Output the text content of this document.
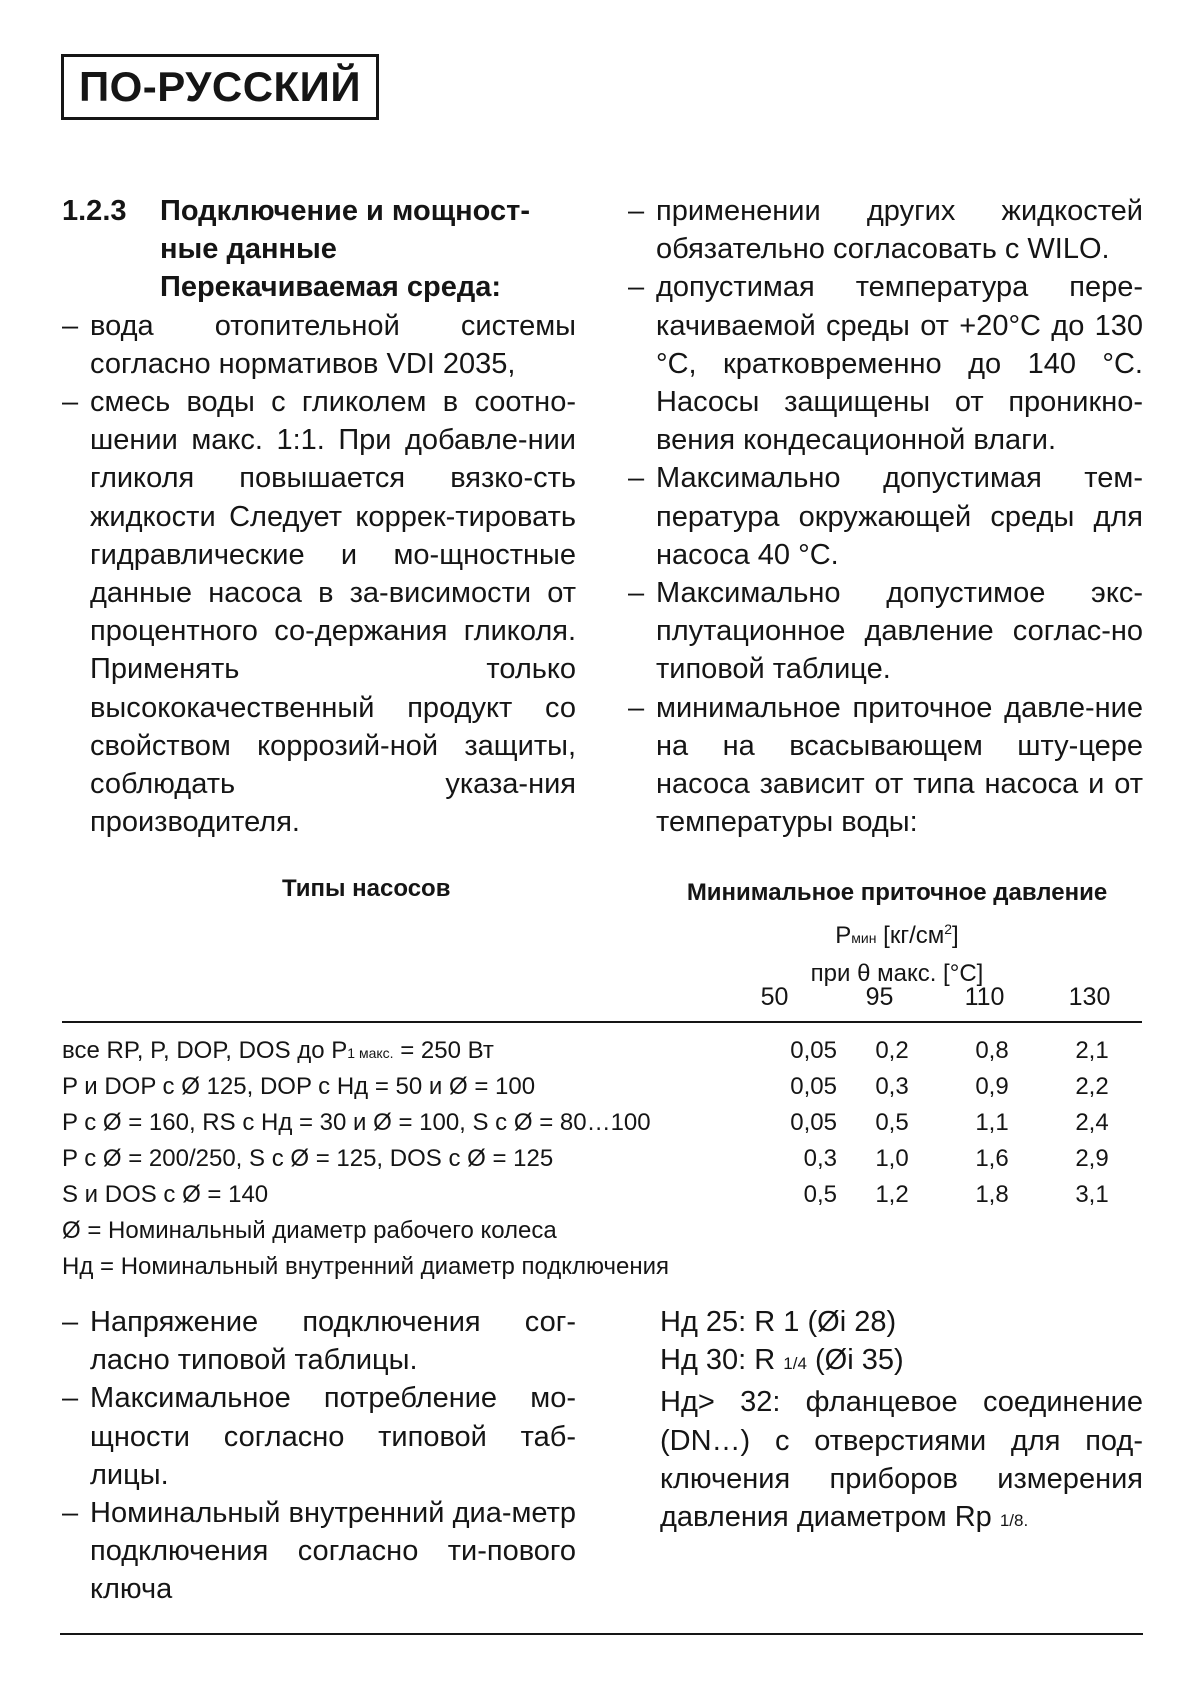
ПО-РУССКИЙ
1.2.3	Подключение и мощност-ные данные
Перекачиваемая среда:
– вода отопительной системы согласно нормативов VDI 2035,
– смесь воды с гликолем в соотно-шении макс. 1:1. При добавле-нии гликоля повышается вязко-сть жидкости Следует коррек-тировать гидравлические и мо-щностные данные насоса в за-висимости от процентного со-держания гликоля. Применять только высококачественный продукт со свойством коррозий-ной защиты, соблюдать указа-ния производителя.
– применении других жидкостей обязательно согласовать с WILO.
– допустимая температура пере-качиваемой среды от +20°C до 130 °C, кратковременно до 140 °C. Насосы защищены от проникно-вения кондесационной влаги.
– Максимально допустимая тем-пература окружающей среды для насоса 40 °C.
– Максимально допустимое экс-плутационное давление соглас-но типовой таблице.
– минимальное приточное давле-ние на на всасывающем шту-цере насоса зависит от типа насоса и от температуры воды:
Типы насосов	Минимальное приточное давление
Рмин $[кг/см^2]$
при θ макс. [°C]
50	95	110	130
все RP, P, DOP, DOS до P1 макс. = 250 Вт	0,05	0,2	0,8	2,1
P и DOP с Ø 125, DOP с Нд = 50 и Ø = 100	0,05	0,3	0,9	2,2
P с Ø = 160, RS с Нд = 30 и Ø = 100, S с Ø = 80…100	0,05	0,5	1,1	2,4
P с Ø = 200/250, S с Ø = 125, DOS с Ø = 125	0,3	1,0	1,6	2,9
S и DOS с Ø = 140	0,5	1,2	1,8	3,1
Ø = Номинальный диаметр рабочего колеса
Нд = Номинальный внутренний диаметр подключения
– Напряжение подключения сог-ласно типовой таблицы.
– Максимальное потребление мо-щности согласно типовой таб-лицы.
– Номинальный внутренний диа-метр подключения согласно ти-пового ключа
Нд 25: R 1 (Øi 28)
Нд 30: R 1/4 (Øi 35)
Нд> 32: фланцевое соединение (DN…) с отверстиями для под-ключения приборов измерения давления диаметром Rp 1/8.
